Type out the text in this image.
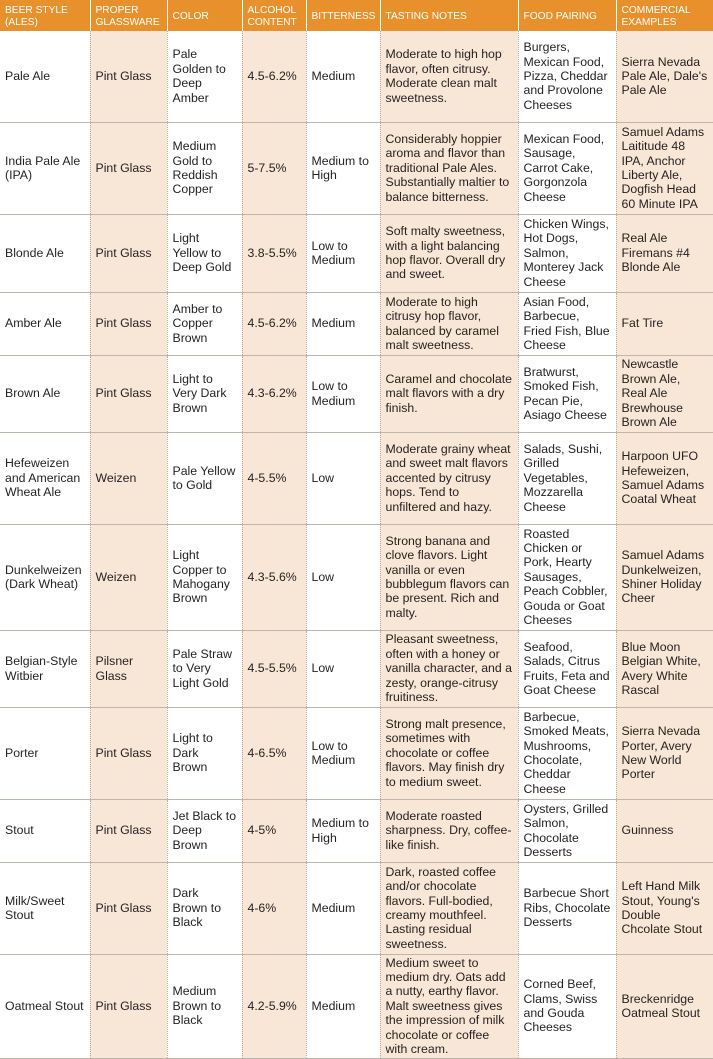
BEER STYLE (ALES)	PROPER GLASSWARE	COLOR	ALCOHOL CONTENT	BITTERNESS	TASTING NOTES	FOOD PAIRING	COMMERCIAL EXAMPLES
Pale Ale	Pint Glass	Pale Golden to Deep Amber	4.5-6.2%	Medium	Moderate to high hop flavor, often citrusy. Moderate clean malt sweetness.	Burgers, Mexican Food, Pizza, Cheddar and Provolone Cheeses	Sierra Nevada Pale Ale, Dale's Pale Ale
India Pale Ale (IPA)	Pint Glass	Medium Gold to Reddish Copper	5-7.5%	Medium to High	Considerably hoppier aroma and flavor than traditional Pale Ales. Substantially maltier to balance bitterness.	Mexican Food, Sausage, Carrot Cake, Gorgonzola Cheese	Samuel Adams Laititude 48 IPA, Anchor Liberty Ale, Dogfish Head 60 Minute IPA
Blonde Ale	Pint Glass	Light Yellow to Deep Gold	3.8-5.5%	Low to Medium	Soft malty sweetness, with a light balancing hop flavor. Overall dry and sweet.	Chicken Wings, Hot Dogs, Salmon, Monterey Jack Cheese	Real Ale Firemans #4 Blonde Ale
Amber Ale	Pint Glass	Amber to Copper Brown	4.5-6.2%	Medium	Moderate to high citrusy hop flavor, balanced by caramel malt sweetness.	Asian Food, Barbecue, Fried Fish, Blue Cheese	Fat Tire
Brown Ale	Pint Glass	Light to Very Dark Brown	4.3-6.2%	Low to Medium	Caramel and chocolate malt flavors with a dry finish.	Bratwurst, Smoked Fish, Pecan Pie, Asiago Cheese	Newcastle Brown Ale, Real Ale Brewhouse Brown Ale
Hefeweizen and American Wheat Ale	Weizen	Pale Yellow to Gold	4-5.5%	Low	Moderate grainy wheat and sweet malt flavors accented by citrusy hops. Tend to unfiltered and hazy.	Salads, Sushi, Grilled Vegetables, Mozzarella Cheese	Harpoon UFO Hefeweizen, Samuel Adams Coatal Wheat
Dunkelweizen (Dark Wheat)	Weizen	Light Copper to Mahogany Brown	4.3-5.6%	Low	Strong banana and clove flavors. Light vanilla or even bubblegum flavors can be present. Rich and malty.	Roasted Chicken or Pork, Hearty Sausages, Peach Cobbler, Gouda or Goat Cheeses	Samuel Adams Dunkelweizen, Shiner Holiday Cheer
Belgian-Style Witbier	Pilsner Glass	Pale Straw to Very Light Gold	4.5-5.5%	Low	Pleasant sweetness, often with a honey or vanilla character, and a zesty, orange-citrusy fruitiness.	Seafood, Salads, Citrus Fruits, Feta and Goat Cheese	Blue Moon Belgian White, Avery White Rascal
Porter	Pint Glass	Light to Dark Brown	4-6.5%	Low to Medium	Strong malt presence, sometimes with chocolate or coffee flavors. May finish dry to medium sweet.	Barbecue, Smoked Meats, Mushrooms, Chocolate, Cheddar Cheese	Sierra Nevada Porter, Avery New World Porter
Stout	Pint Glass	Jet Black to Deep Brown	4-5%	Medium to High	Moderate roasted sharpness. Dry, coffee-like finish.	Oysters, Grilled Salmon, Chocolate Desserts	Guinness
Milk/Sweet Stout	Pint Glass	Dark Brown to Black	4-6%	Medium	Dark, roasted coffee and/or chocolate flavors. Full-bodied, creamy mouthfeel. Lasting residual sweetness.	Barbecue Short Ribs, Chocolate Desserts	Left Hand Milk Stout, Young's Double Chcolate Stout
Oatmeal Stout	Pint Glass	Medium Brown to Black	4.2-5.9%	Medium	Medium sweet to medium dry. Oats add a nutty, earthy flavor. Malt sweetness gives the impression of milk chocolate or coffee with cream.	Corned Beef, Clams, Swiss and Gouda Cheeses	Breckenridge Oatmeal Stout
